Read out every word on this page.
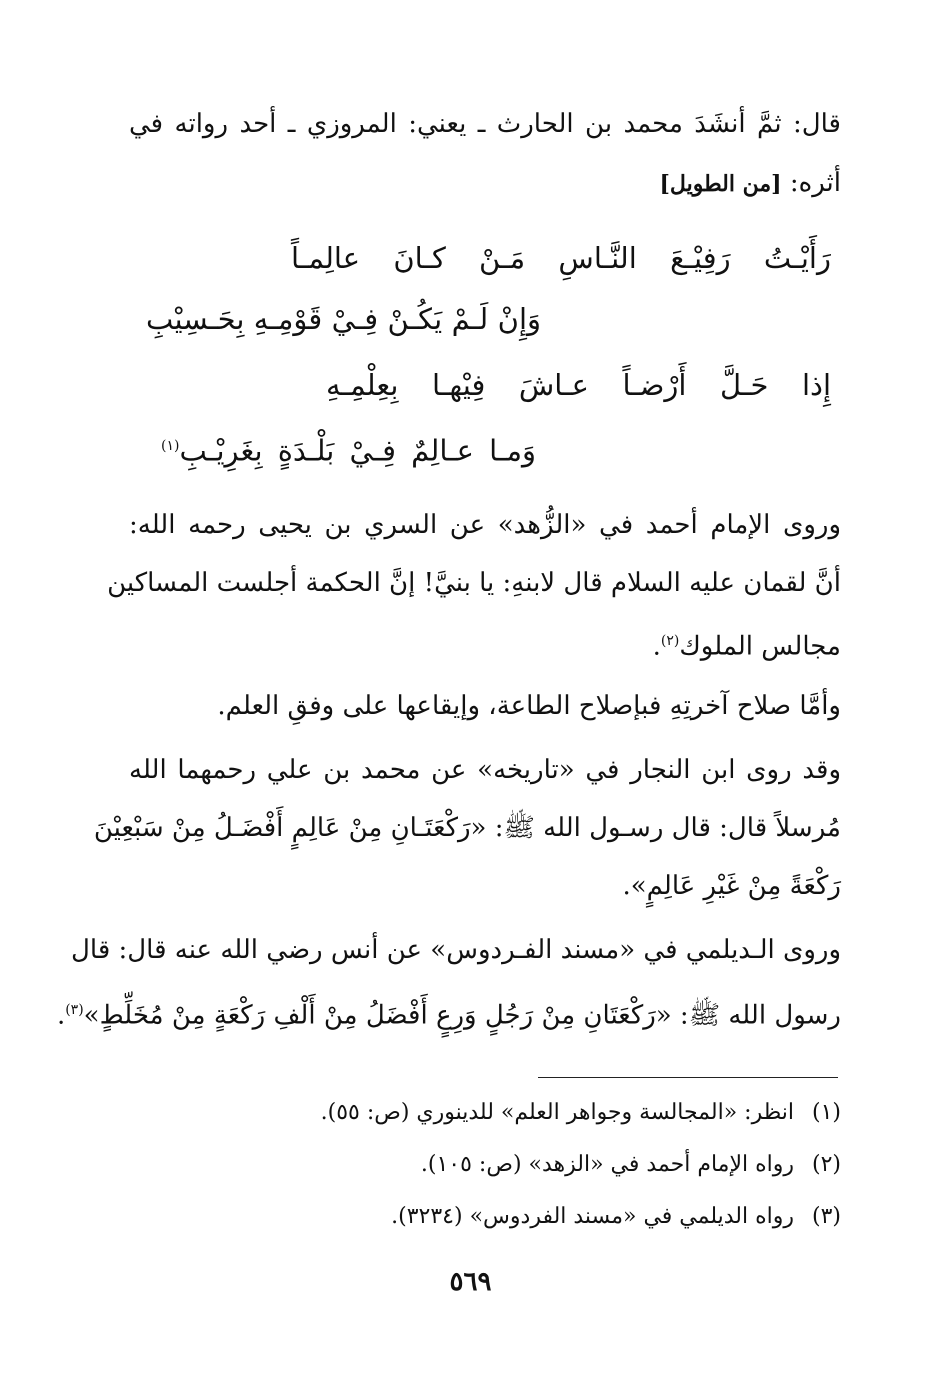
قال: ثمَّ أنشَدَ محمد بن الحارث ـ يعني: المروزي ـ أحد رواته في
أثره: [من الطويل]
رَأَيْـتُ رَفِيْـعَ النَّـاسِ مَـنْ كـانَ عالِمـاً
وَإِنْ لَـمْ يَكُـنْ فِـيْ قَوْمِـهِ بِحَـسِيْبِ
إِذا حَـلَّ أَرْضـاً عـاشَ فِيْهـا بِعِلْمِـهِ
وَمـا عـالِمٌ فِـيْ بَلْـدَةٍ بِغَرِيْـبِ$^{(١)}$
وروى الإمام أحمد في «الزُّهد» عن السري بن يحيى رحمه الله:
أنَّ لقمان عليه السلام قال لابنهِ: يا بنيَّ! إنَّ الحكمة أجلست المساكين
مجالس الملوك$^{(٢)}$.
وأمَّا صلاح آخرتِهِ فبإصلاح الطاعة، وإيقاعها على وفقِ العلم.
وقد روى ابن النجار في «تاريخه» عن محمد بن علي رحمهما الله
مُرسلاً قال: قال رسـول الله ﷺ: «رَكْعَتَـانِ مِنْ عَالِمٍ أَفْضَـلُ مِنْ سَبْعِيْنَ
رَكْعَةً مِنْ غَيْرِ عَالِمٍ».
وروى الـديلمي في «مسند الفـردوس» عن أنس رضي الله عنه قال: قال
رسول الله ﷺ: «رَكْعَتَانِ مِنْ رَجُلٍ وَرِعٍ أَفْضَلُ مِنْ أَلْفِ رَكْعَةٍ مِنْ مُخَلِّطٍ»$^{(٣)}$.
(١) انظر: «المجالسة وجواهر العلم» للدينوري (ص: ٥٥).
(٢) رواه الإمام أحمد في «الزهد» (ص: ١٠٥).
(٣) رواه الديلمي في «مسند الفردوس» (٣٢٣٤).
٥٦٩
